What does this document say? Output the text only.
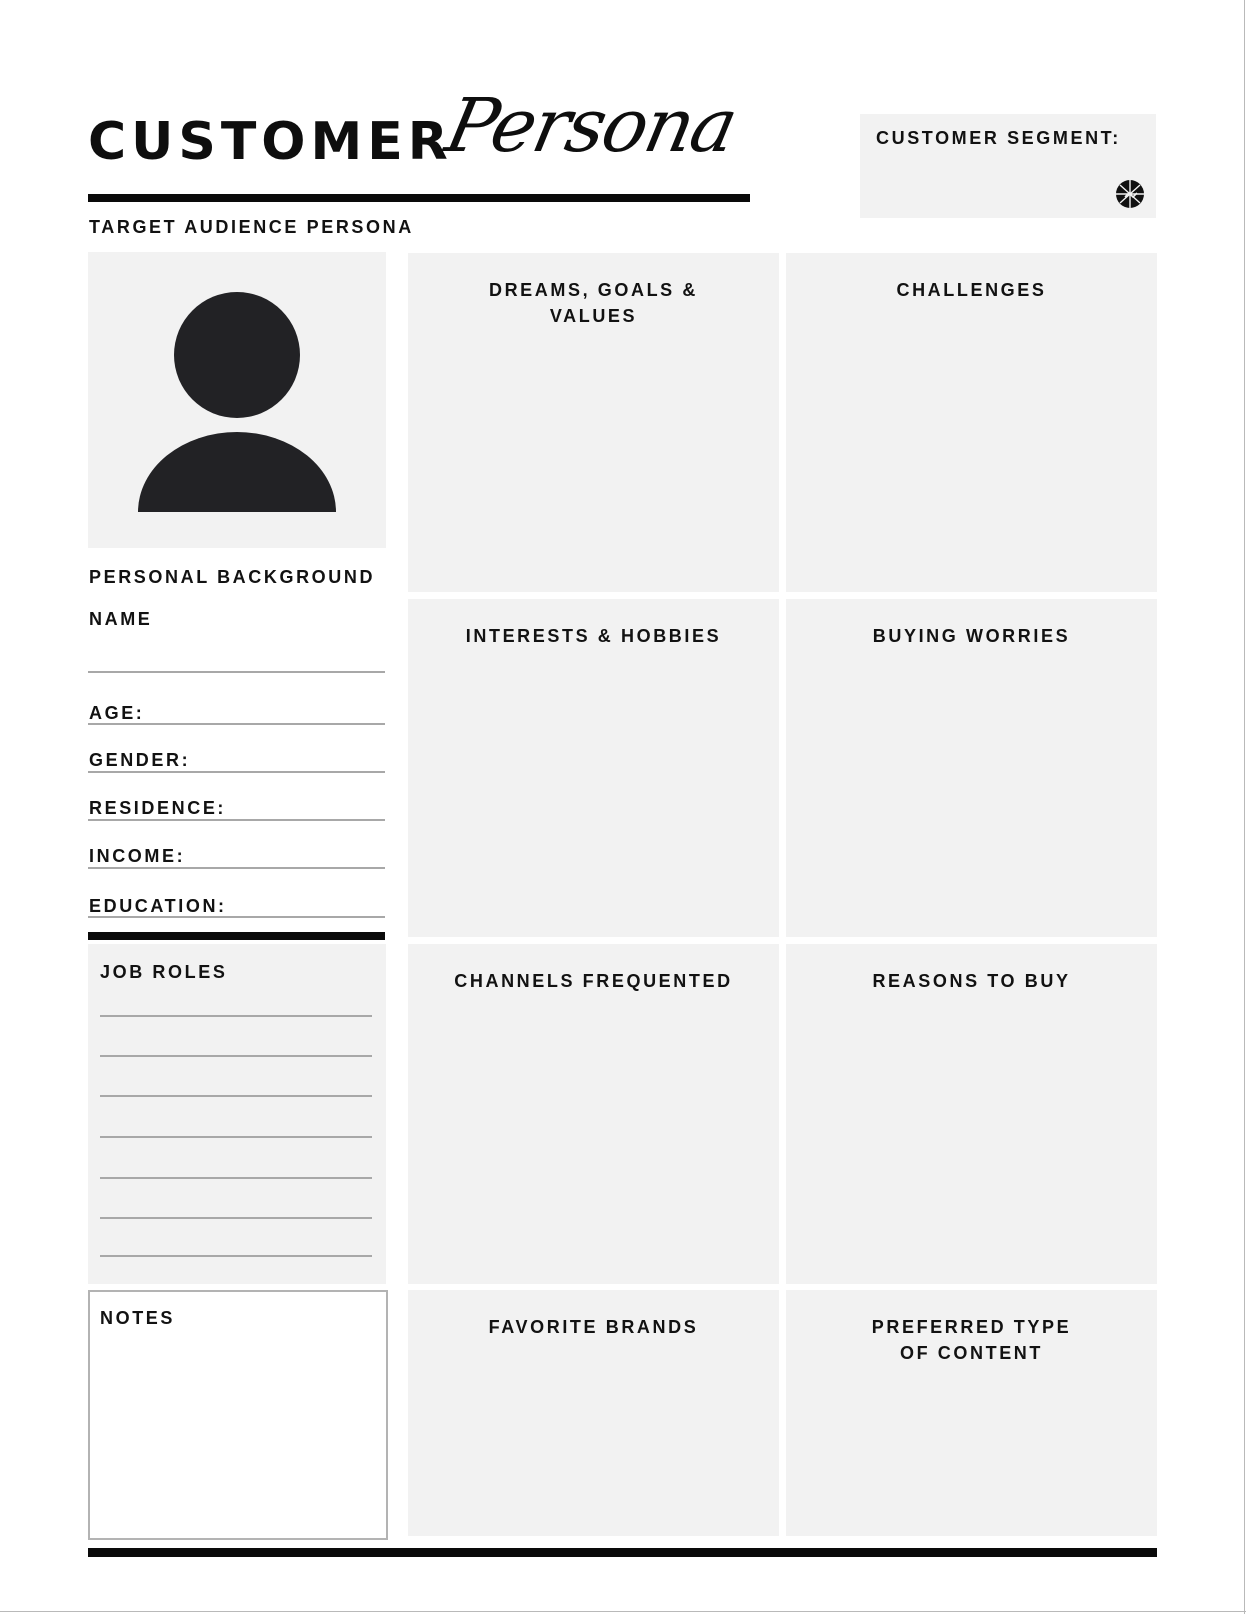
CUSTOMER
Persona
TARGET AUDIENCE PERSONA
CUSTOMER SEGMENT:
PERSONAL BACKGROUND
NAME
AGE:
GENDER:
RESIDENCE:
INCOME:
EDUCATION:
JOB ROLES
NOTES
DREAMS, GOALS & VALUES
INTERESTS & HOBBIES
CHANNELS FREQUENTED
FAVORITE BRANDS
CHALLENGES
BUYING WORRIES
REASONS TO BUY
PREFERRED TYPE OF CONTENT
